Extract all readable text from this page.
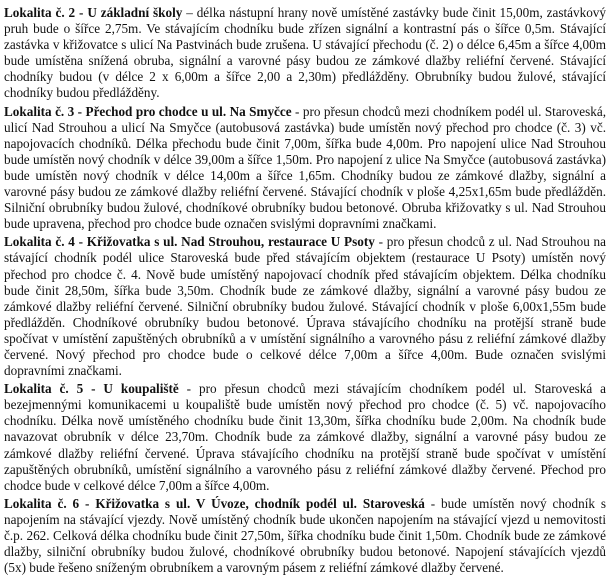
Lokalita č. 2 - U základní školy – délka nástupní hrany nově umístěné zastávky bude činit 15,00m, zastávkový pruh bude o šířce 2,75m. Ve stávajícím chodníku bude zřízen signální a kontrastní pás o šířce 0,5m. Stávající zastávka v křižovatce s ulicí Na Pastvinách bude zrušena. U stávající přechodu (č. 2) o délce 6,45m a šířce 4,00m bude umístěna snížená obruba, signální a varovné pásy budou ze zámkové dlažby reliéfní červené. Stávající chodníky budou (v délce 2 x 6,00m a šířce 2,00 a 2,30m) předlážděny. Obrubníky budou žulové, stávající chodníky budou předlážděny.

Lokalita č. 3 - Přechod pro chodce u ul. Na Smyčce - pro přesun chodců mezi chodníkem podél ul. Staroveská, ulicí Nad Strouhou a ulicí Na Smyčce (autobusová zastávka) bude umístěn nový přechod pro chodce (č. 3) vč. napojovacích chodníků. Délka přechodu bude činit 7,00m, šířka bude 4,00m. Pro napojení ulice Nad Strouhou bude umístěn nový chodník v délce 39,00m a šířce 1,50m. Pro napojení z ulice Na Smyčce (autobusová zastávka) bude umístěn nový chodník v délce 14,00m a šířce 1,65m. Chodníky budou ze zámkové dlažby, signální a varovné pásy budou ze zámkové dlažby reliéfní červené. Stávající chodník v ploše 4,25x1,65m bude předlážděn. Silniční obrubníky budou žulové, chodníkové obrubníky budou betonové. Obruba křižovatky s ul. Nad Strouhou bude upravena, přechod pro chodce bude označen svislými dopravními značkami.

Lokalita č. 4 - Křižovatka s ul. Nad Strouhou, restaurace U Psoty - pro přesun chodců z ul. Nad Strouhou na stávající chodník podél ulice Staroveská bude před stávajícím objektem (restaurace U Psoty) umístěn nový přechod pro chodce č. 4. Nově bude umístěný napojovací chodník před stávajícím objektem. Délka chodníku bude činit 28,50m, šířka bude 3,50m. Chodník bude ze zámkové dlažby, signální a varovné pásy budou ze zámkové dlažby reliéfní červené. Silniční obrubníky budou žulové. Stávající chodník v ploše 6,00x1,55m bude předlážděn. Chodníkové obrubníky budou betonové. Úprava stávajícího chodníku na protější straně bude spočívat v umístění zapuštěných obrubníků a v umístění signálního a varovného pásu z reliéfní zámkové dlažby červené. Nový přechod pro chodce bude o celkové délce 7,00m a šířce 4,00m. Bude označen svislými dopravními značkami.

Lokalita č. 5 - U koupaliště - pro přesun chodců mezi stávajícím chodníkem podél ul. Staroveská a bezejmennými komunikacemi u koupaliště bude umístěn nový přechod pro chodce (č. 5) vč. napojovacího chodníku. Délka nově umístěného chodníku bude činit 13,30m, šířka chodníku bude 2,00m. Na chodník bude navazovat obrubník v délce 23,70m. Chodník bude za zámkové dlažby, signální a varovné pásy budou ze zámkové dlažby reliéfní červené. Úprava stávajícího chodníku na protější straně bude spočívat v umístění zapuštěných obrubníků, umístění signálního a varovného pásu z reliéfní zámkové dlažby červené. Přechod pro chodce bude v celkové délce 7,00m a šířce 4,00m.

Lokalita č. 6 - Křižovatka s ul. V Úvoze, chodník podél ul. Staroveská - bude umístěn nový chodník s napojením na stávající vjezdy. Nově umístěný chodník bude ukončen napojením na stávající vjezd u nemovitosti č.p. 262. Celková délka chodníku bude činit 27,50m, šířka chodníku bude činit 1,50m. Chodník bude ze zámkové dlažby, silniční obrubníky budou žulové, chodníkové obrubníky budou betonové. Napojení stávajících vjezdů (5x) bude řešeno sníženým obrubníkem a varovným pásem z reliéfní zámkové dlažby červené.
